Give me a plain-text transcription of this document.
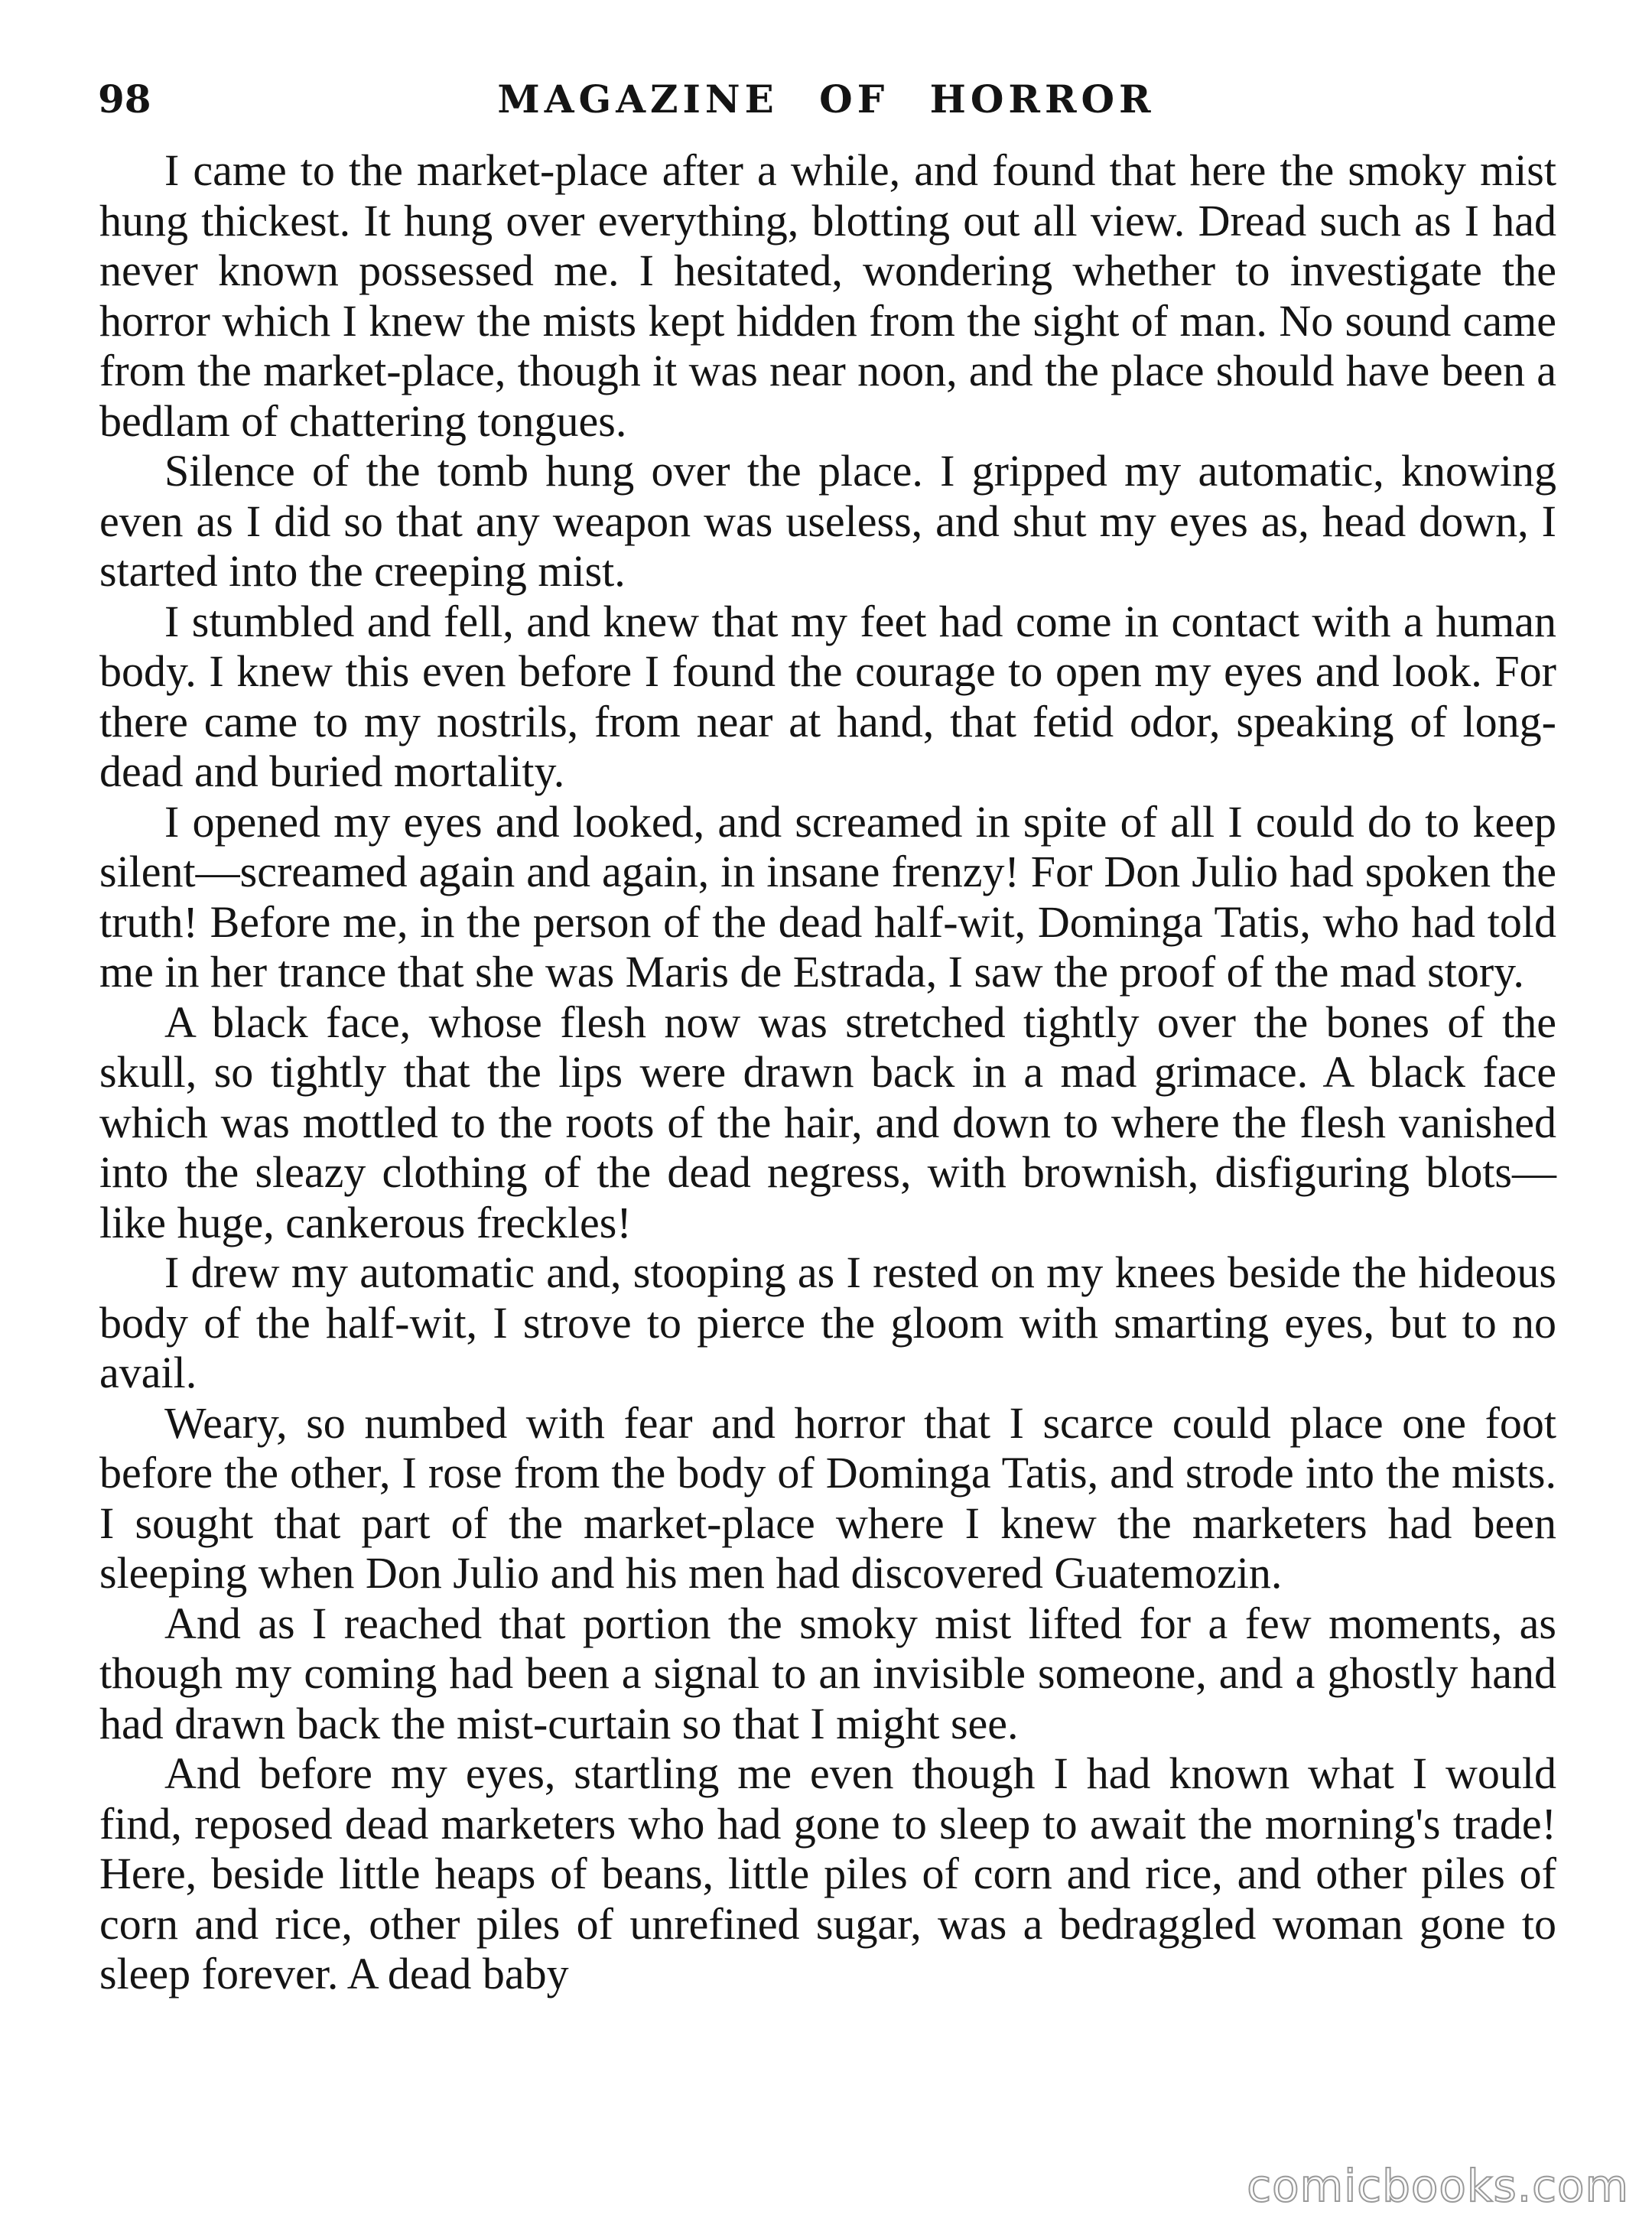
98	MAGAZINE OF HORROR

I came to the market-place after a while, and found that here the smoky mist hung thickest. It hung over everything, blotting out all view. Dread such as I had never known possessed me. I hesitated, wondering whether to investigate the horror which I knew the mists kept hidden from the sight of man. No sound came from the market-place, though it was near noon, and the place should have been a bedlam of chattering tongues.

Silence of the tomb hung over the place. I gripped my automatic, knowing even as I did so that any weapon was useless, and shut my eyes as, head down, I started into the creeping mist.

I stumbled and fell, and knew that my feet had come in contact with a human body. I knew this even before I found the courage to open my eyes and look. For there came to my nostrils, from near at hand, that fetid odor, speaking of long-dead and buried mortality.

I opened my eyes and looked, and screamed in spite of all I could do to keep silent—screamed again and again, in insane frenzy! For Don Julio had spoken the truth! Before me, in the person of the dead half-wit, Dominga Tatis, who had told me in her trance that she was Maris de Estrada, I saw the proof of the mad story.

A black face, whose flesh now was stretched tightly over the bones of the skull, so tightly that the lips were drawn back in a mad grimace. A black face which was mottled to the roots of the hair, and down to where the flesh vanished into the sleazy clothing of the dead negress, with brownish, disfiguring blots—like huge, cankerous freckles!

I drew my automatic and, stooping as I rested on my knees beside the hideous body of the half-wit, I strove to pierce the gloom with smarting eyes, but to no avail.

Weary, so numbed with fear and horror that I scarce could place one foot before the other, I rose from the body of Dominga Tatis, and strode into the mists. I sought that part of the market-place where I knew the marketers had been sleeping when Don Julio and his men had discovered Guatemozin.

And as I reached that portion the smoky mist lifted for a few moments, as though my coming had been a signal to an invisible someone, and a ghostly hand had drawn back the mist-curtain so that I might see.

And before my eyes, startling me even though I had known what I would find, reposed dead marketers who had gone to sleep to await the morning's trade! Here, beside little heaps of beans, little piles of corn and rice, and other piles of corn and rice, other piles of unrefined sugar, was a bedraggled woman gone to sleep forever. A dead baby

comicbooks.com
